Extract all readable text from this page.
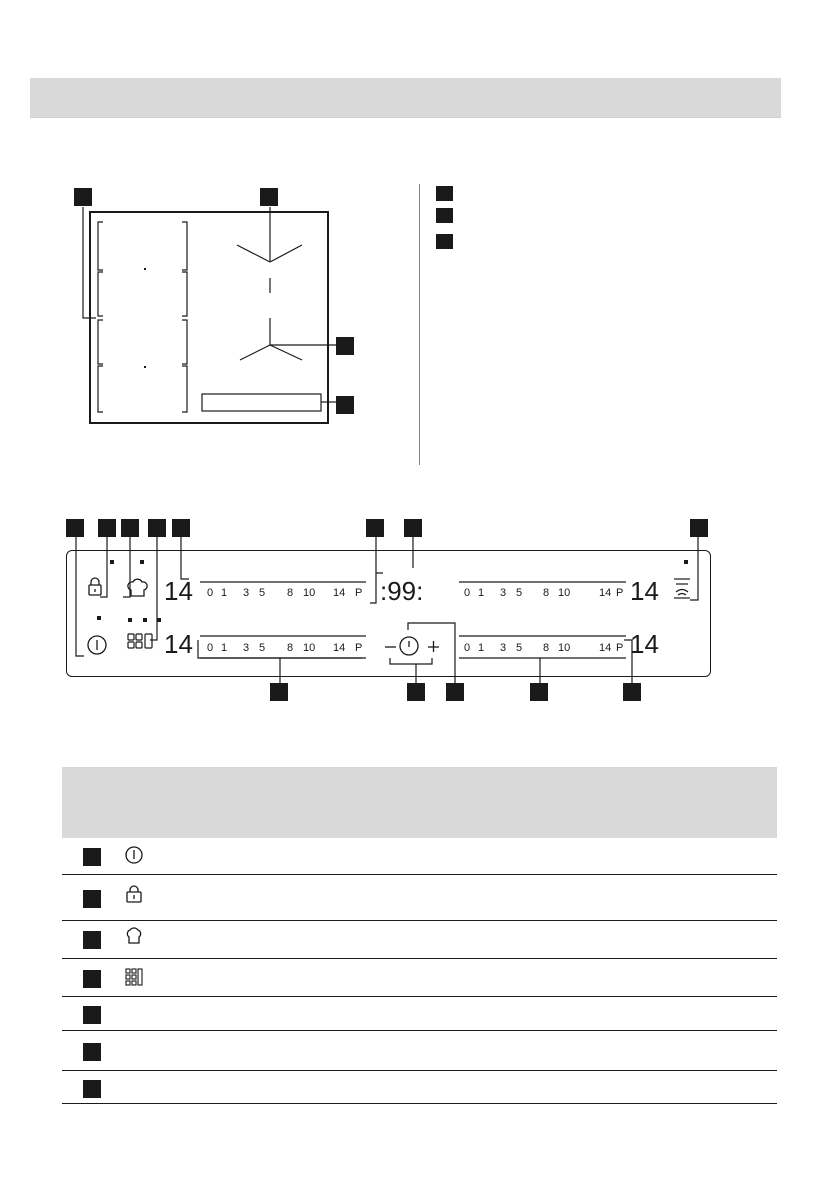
0 1 3 5 8 10 14 P
0 1 3 5 8 10 14 P
0 1 3 5 8 10	14 P
0 1 3 5 8 10	14 P
14
14
14
14
:99:
